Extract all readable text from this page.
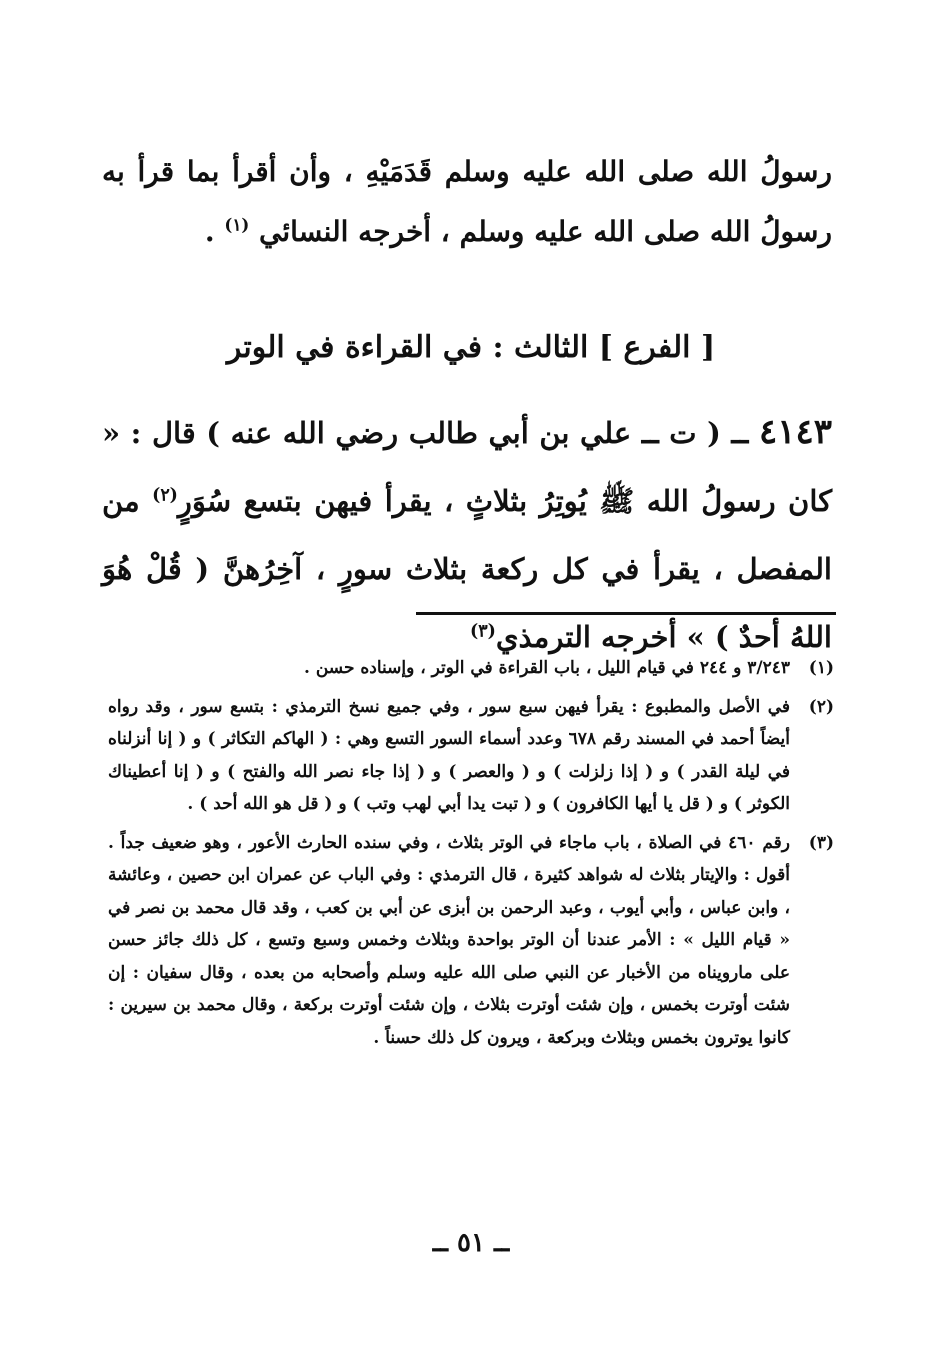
رسولُ الله صلى الله عليه وسلم قَدَمَيْهِ ، وأن أقرأ بما قرأ به رسولُ الله صلى الله عليه وسلم ، أخرجه النسائي $^{(١)}$ .
[ الفرع ] الثالث : في القراءة في الوتر
٤١٤٣ ــ ( ت ــ علي بن أبي طالب رضي الله عنه ) قال : « كان رسولُ الله ﷺ يُوتِرُ بثلاثٍ ، يقرأ فيهن بتسع سُوَرٍ$^{(٢)}$ من المفصل ، يقرأ في كل ركعة بثلاث سورٍ ، آخِرُهنَّ ( قُلْ هُوَ اللهُ أحدٌ ) » أخرجه الترمذي$^{(٣)}$
(١)
٣/٢٤٣ و ٢٤٤ في قيام الليل ، باب القراءة في الوتر ، وإسناده حسن .
(٢)
في الأصل والمطبوع : يقرأ فيهن سبع سور ، وفي جميع نسخ الترمذي : بتسع سور ، وقد رواه أيضاً أحمد في المسند رقم ٦٧٨ وعدد أسماء السور التسع وهي : ( الهاكم التكاثر ) و ( إنا أنزلناه في ليلة القدر ) و ( إذا زلزلت ) و ( والعصر ) و ( إذا جاء نصر الله والفتح ) و ( إنا أعطيناك الكوثر ) و ( قل يا أيها الكافرون ) و ( تبت يدا أبي لهب وتب ) و ( قل هو الله أحد ) .
(٣)
رقم ٤٦٠ في الصلاة ، باب ماجاء في الوتر بثلاث ، وفي سنده الحارث الأعور ، وهو ضعيف جداً . أقول : والإيتار بثلاث له شواهد كثيرة ، قال الترمذي : وفي الباب عن عمران ابن حصين ، وعائشة ، وابن عباس ، وأبي أيوب ، وعبد الرحمن بن أبزى عن أبي بن كعب ، وقد قال محمد بن نصر في « قيام الليل » : الأمر عندنا أن الوتر بواحدة وبثلاث وخمس وسبع وتسع ، كل ذلك جائز حسن على مارويناه من الأخبار عن النبي صلى الله عليه وسلم وأصحابه من بعده ، وقال سفيان : إن شئت أوترت بخمس ، وإن شئت أوترت بثلاث ، وإن شئت أوترت بركعة ، وقال محمد بن سيرين : كانوا يوترون بخمس وبثلاث وبركعة ، ويرون كل ذلك حسناً .
ــ ٥١ ــ
